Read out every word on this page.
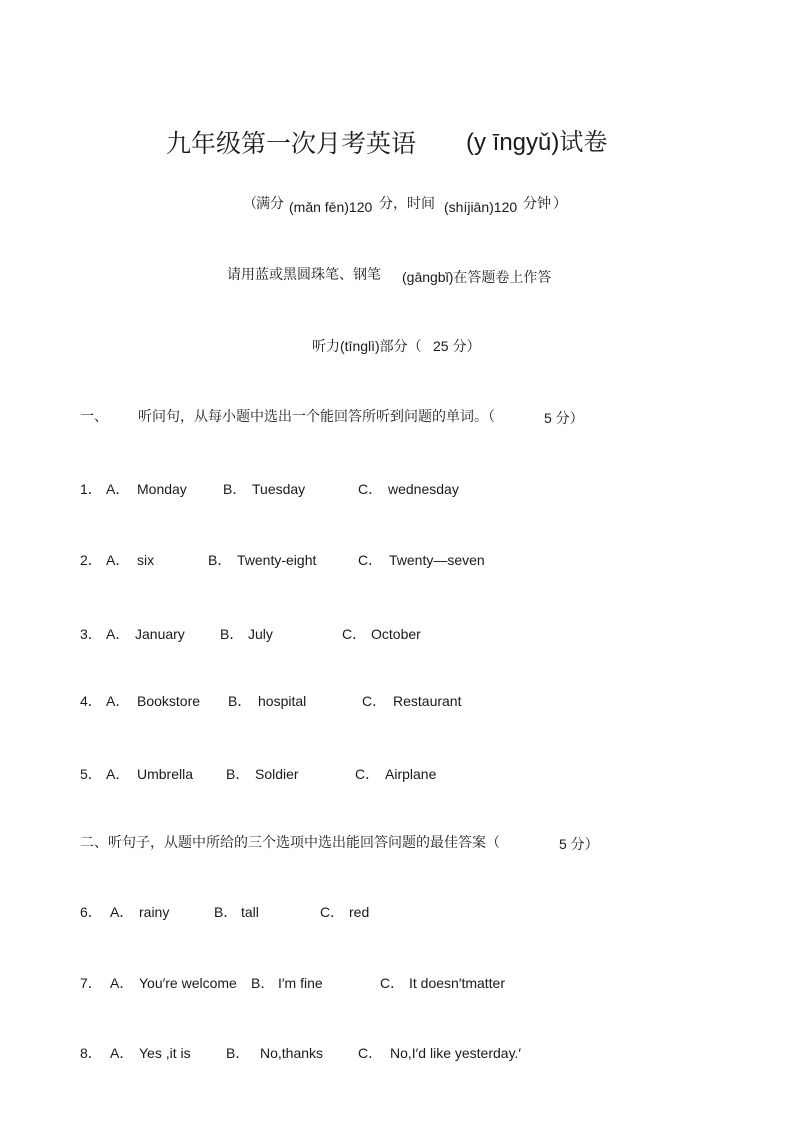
九年级第一次月考英语 (y īngyǔ)试卷
（ 满分 (mǎn fēn)120 分，时间 (shíjiān)120 分钟 ）
请用蓝或黑圆珠笔、钢笔 (gāngbǐ)在答题卷上作答
听力(tīnglì)部分（ 25 分）
一、 听问句，从每小题中选出一个能回答所听到问题的单词。（	5 分）
1． A． Monday	B． Tuesday	C． wednesday
2． A． six	B． Twenty-eight	C． Twenty—seven
3． A． January	B． July	C． October
4． A． Bookstore B． hospital	C． Restaurant
5． A． Umbrella B． Soldier	C． Airplane
二、听句子，从题中所给的三个选项中选出能回答问题的最佳答案（	5 分）
6． A． rainy	B． tall	C． red
7． A． You′re welcome B． I′m fine	C． It doesn′tmatter
8． A． Yes ,it is	B． No,thanks C． No,I′d like yesterday.′
